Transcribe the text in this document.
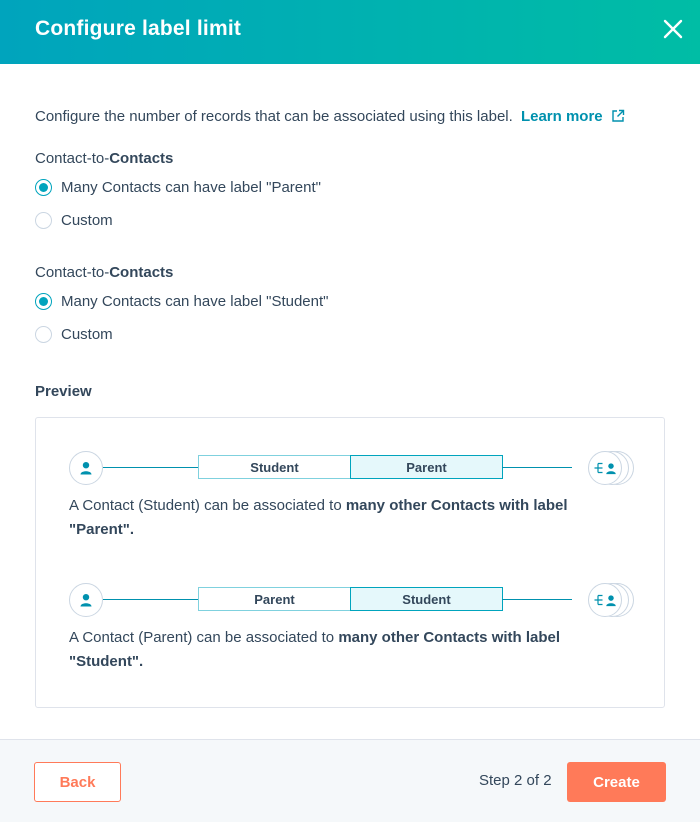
Configure label limit
Configure the number of records that can be associated using this label. Learn more
Contact-to-Contacts
Many Contacts can have label "Parent"
Custom
Contact-to-Contacts
Many Contacts can have label "Student"
Custom
Preview
Student	Parent
A Contact (Student) can be associated to many other Contacts with label "Parent".
Parent	Student
A Contact (Parent) can be associated to many other Contacts with label "Student".
Back	Step 2 of 2	Create
